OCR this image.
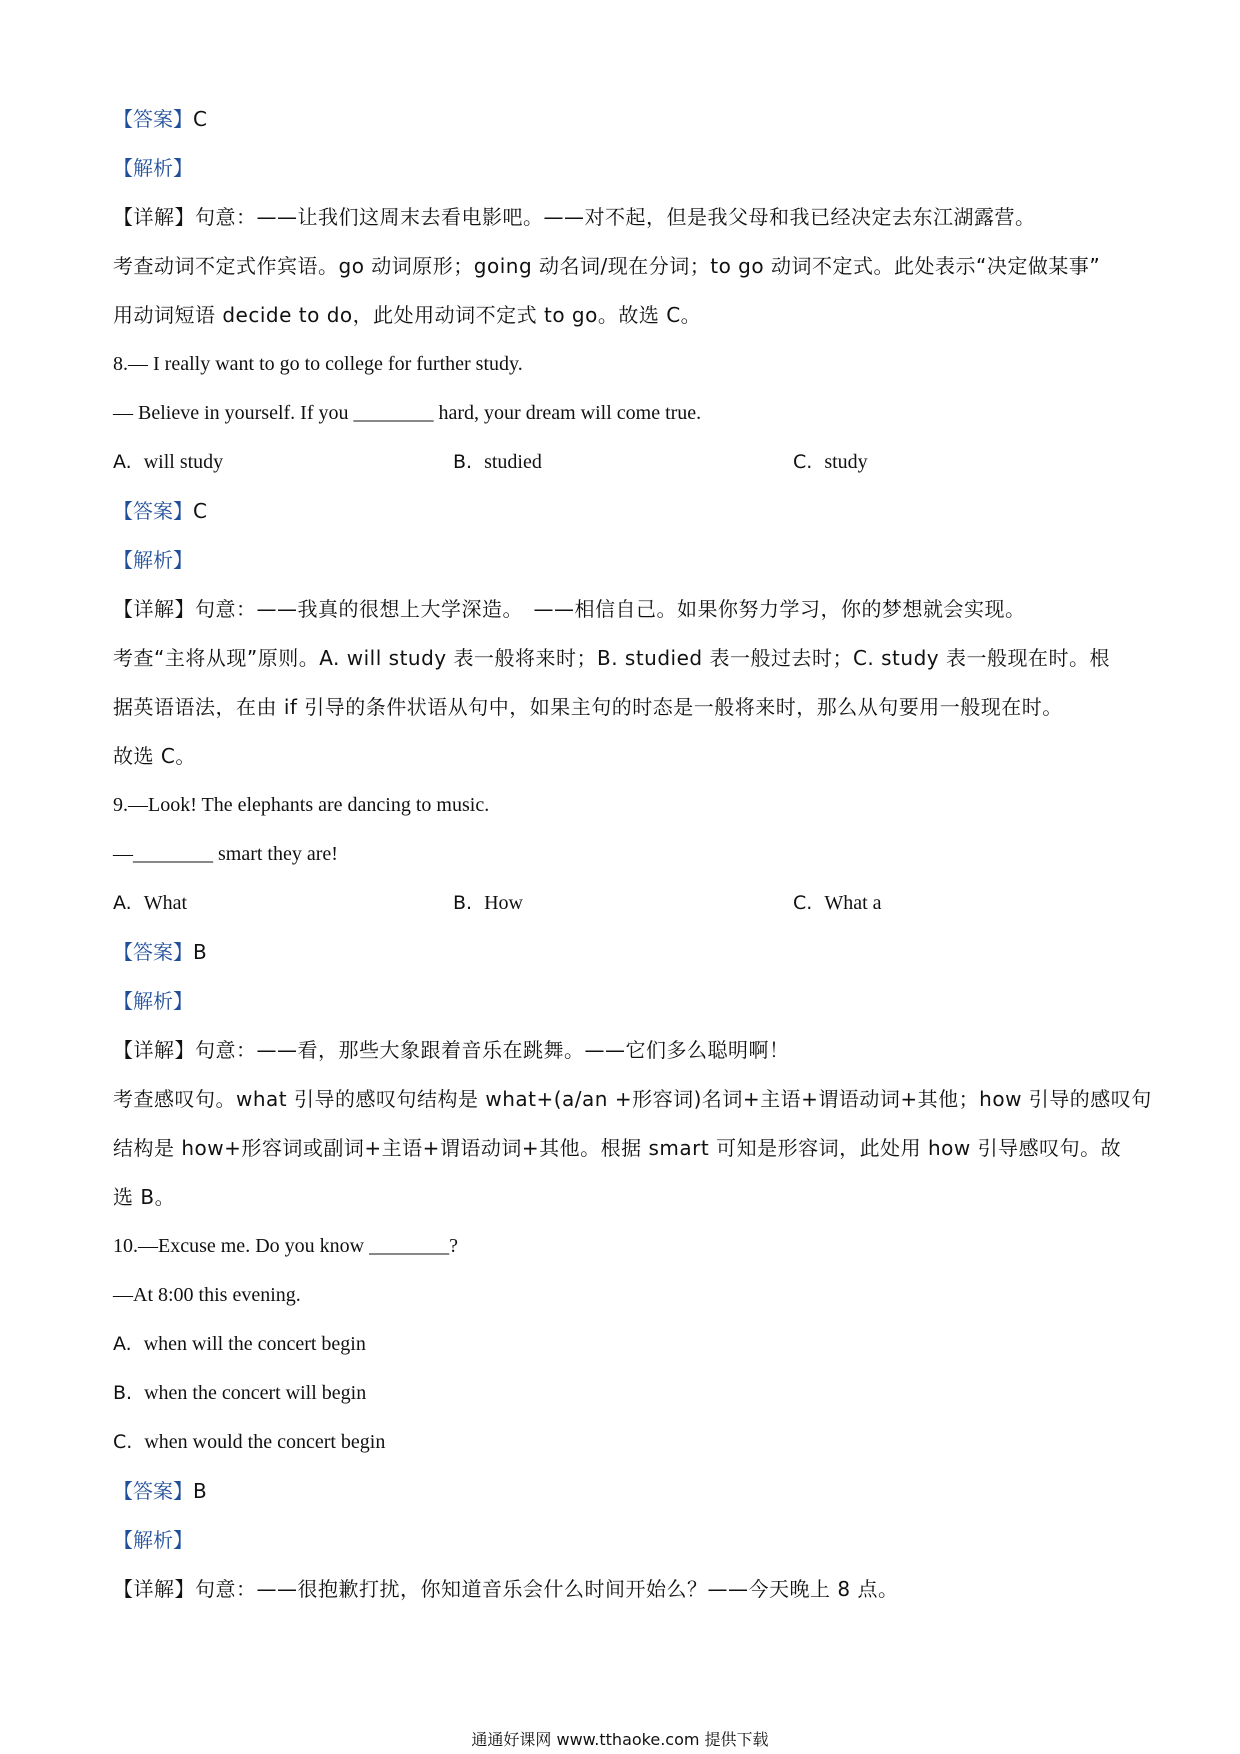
【答案】C
【解析】
【详解】句意：——让我们这周末去看电影吧。——对不起，但是我父母和我已经决定去东江湖露营。
考查动词不定式作宾语。go 动词原形；going 动名词/现在分词；to go 动词不定式。此处表示“决定做某事”
用动词短语 decide to do，此处用动词不定式 to go。故选 C。
8.— I really want to go to college for further study.
— Believe in yourself. If you ________ hard, your dream will come true.
A. will study	B. studied	C. study
【答案】C
【解析】
【详解】句意：——我真的很想上大学深造。　——相信自己。如果你努力学习，你的梦想就会实现。
考查“主将从现”原则。A. will study 表一般将来时；B. studied 表一般过去时；C. study 表一般现在时。根
据英语语法，在由 if 引导的条件状语从句中，如果主句的时态是一般将来时，那么从句要用一般现在时。
故选 C。
9.—Look! The elephants are dancing to music.
—________ smart they are!
A. What	B. How	C. What a
【答案】B
【解析】
【详解】句意：——看，那些大象跟着音乐在跳舞。——它们多么聪明啊！
考查感叹句。what 引导的感叹句结构是 what+(a/an +形容词)名词+主语+谓语动词+其他；how 引导的感叹句
结构是 how+形容词或副词+主语+谓语动词+其他。根据 smart 可知是形容词，此处用 how 引导感叹句。故
选 B。
10.—Excuse me. Do you know ________?
—At 8:00 this evening.
A. when will the concert begin
B. when the concert will begin
C. when would the concert begin
【答案】B
【解析】
【详解】句意：——很抱歉打扰，你知道音乐会什么时间开始么？——今天晚上 8 点。
通通好课网 www.tthaoke.com 提供下载
